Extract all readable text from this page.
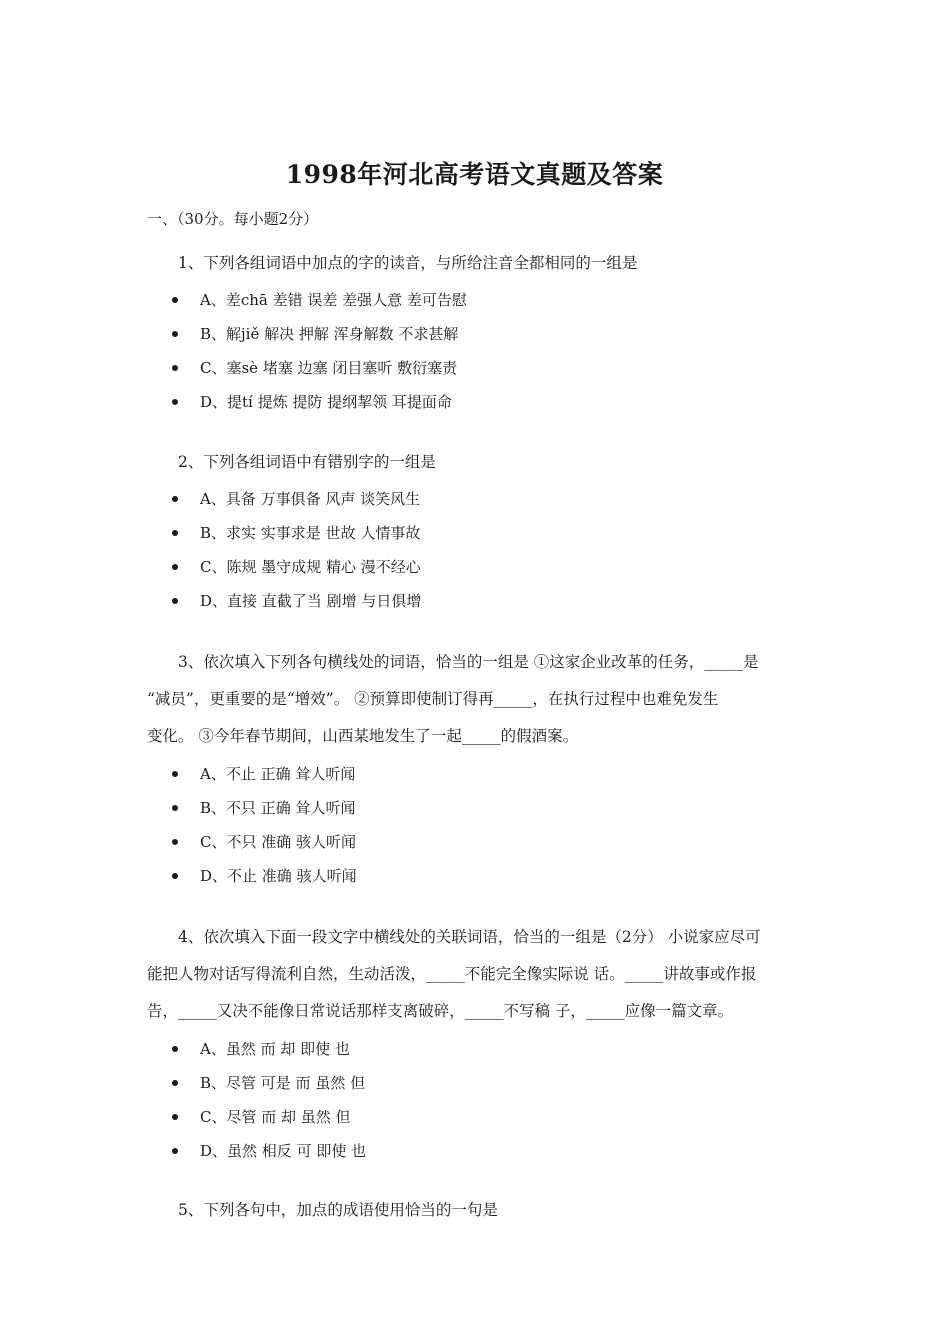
1998年河北高考语文真题及答案

一、（30分。每小题2分）

1、下列各组词语中加点的字的读音，与所给注音全都相同的一组是

A、差chā 差错 误差 差强人意 差可告慰
B、解jiě 解决 押解 浑身解数 不求甚解
C、塞sè 堵塞 边塞 闭目塞听 敷衍塞责
D、提tí 提炼 提防 提纲挈领 耳提面命

2、下列各组词语中有错别字的一组是

A、具备 万事俱备 风声 谈笑风生
B、求实 实事求是 世故 人情事故
C、陈规 墨守成规 精心 漫不经心
D、直接 直截了当 剧增 与日俱增

3、依次填入下列各句横线处的词语，恰当的一组是 ①这家企业改革的任务，_____是

“减员”，更重要的是“增效”。 ②预算即使制订得再_____，在执行过程中也难免发生

变化。 ③今年春节期间，山西某地发生了一起_____的假酒案。

A、不止 正确 耸人听闻
B、不只 正确 耸人听闻
C、不只 准确 骇人听闻
D、不止 准确 骇人听闻

4、依次填入下面一段文字中横线处的关联词语，恰当的一组是（2分） 小说家应尽可

能把人物对话写得流利自然，生动活泼，_____不能完全像实际说 话。_____讲故事或作报

告，_____又决不能像日常说话那样支离破碎，_____不写稿 子，_____应像一篇文章。

A、虽然 而 却 即使 也
B、尽管 可是 而 虽然 但
C、尽管 而 却 虽然 但
D、虽然 相反 可 即使 也

5、下列各句中，加点的成语使用恰当的一句是
